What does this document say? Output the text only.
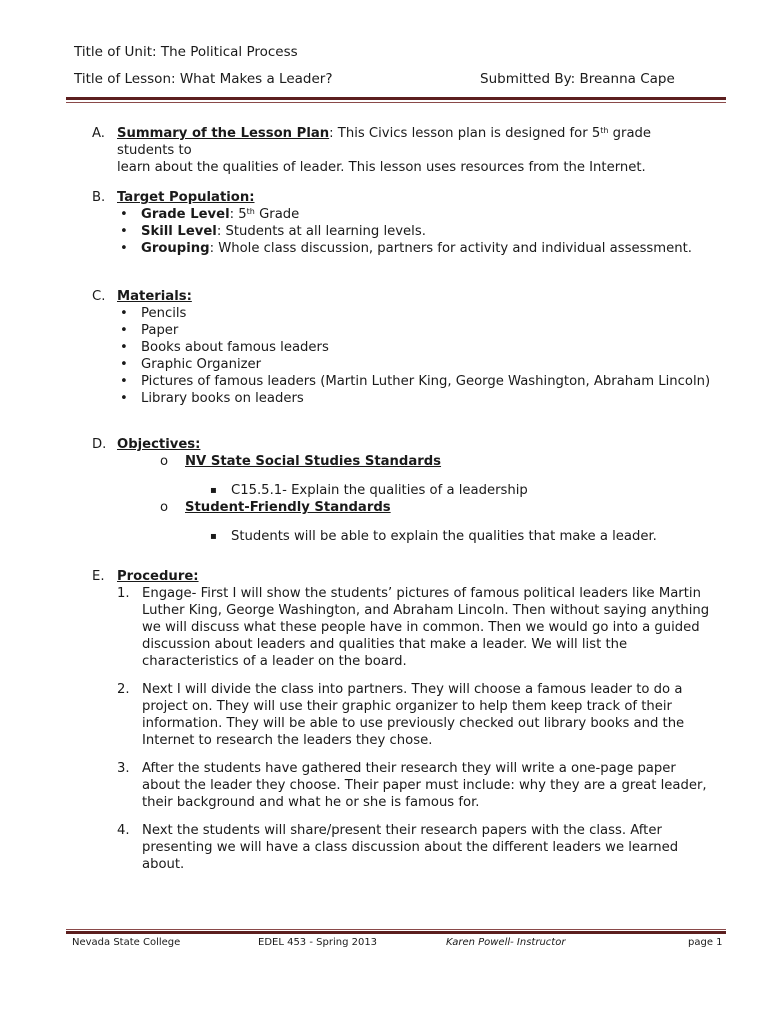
Title of Unit: The Political Process
Title of Lesson: What Makes a Leader?	Submitted By: Breanna Cape
A. Summary of the Lesson Plan: This Civics lesson plan is designed for 5th grade students to
learn about the qualities of leader. This lesson uses resources from the Internet.
B. Target Population:
• Grade Level: 5th Grade
• Skill Level: Students at all learning levels.
• Grouping: Whole class discussion, partners for activity and individual assessment.
C. Materials:
• Pencils
• Paper
• Books about famous leaders
• Graphic Organizer
• Pictures of famous leaders (Martin Luther King, George Washington, Abraham Lincoln)
• Library books on leaders
D. Objectives:
o NV State Social Studies Standards
▪ C15.5.1- Explain the qualities of a leadership
o Student-Friendly Standards
▪ Students will be able to explain the qualities that make a leader.
E. Procedure:
1. Engage- First I will show the students’ pictures of famous political leaders like Martin
Luther King, George Washington, and Abraham Lincoln. Then without saying anything
we will discuss what these people have in common. Then we would go into a guided
discussion about leaders and qualities that make a leader. We will list the
characteristics of a leader on the board.
2. Next I will divide the class into partners. They will choose a famous leader to do a
project on. They will use their graphic organizer to help them keep track of their
information. They will be able to use previously checked out library books and the
Internet to research the leaders they chose.
3. After the students have gathered their research they will write a one-page paper
about the leader they choose. Their paper must include: why they are a great leader,
their background and what he or she is famous for.
4. Next the students will share/present their research papers with the class. After
presenting we will have a class discussion about the different leaders we learned
about.
Nevada State College	EDEL 453 - Spring 2013	Karen Powell- Instructor	page 1
